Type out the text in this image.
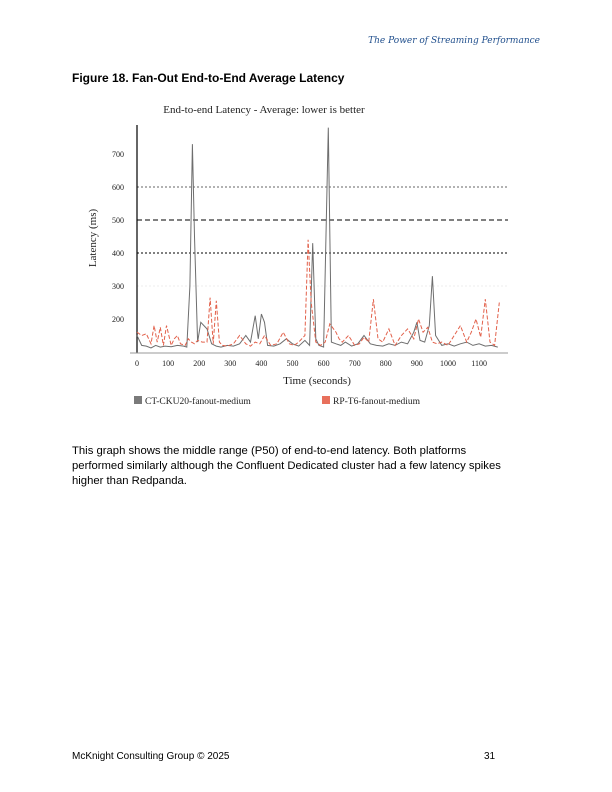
The Power of Streaming Performance
Figure 18. Fan-Out End-to-End Average Latency
End-to-end Latency - Average: lower is better
200
300
400
500
600
700
0	100 200 300 400 500 600 700 800 900 1000 1100
Latency (ms)
Time (seconds)
CT-CKU20-fanout-medium	RP-T6-fanout-medium
This graph shows the middle range (P50) of end-to-end latency. Both platforms
performed similarly although the Confluent Dedicated cluster had a few latency spikes
higher than Redpanda.
McKnight Consulting Group © 2025	31
